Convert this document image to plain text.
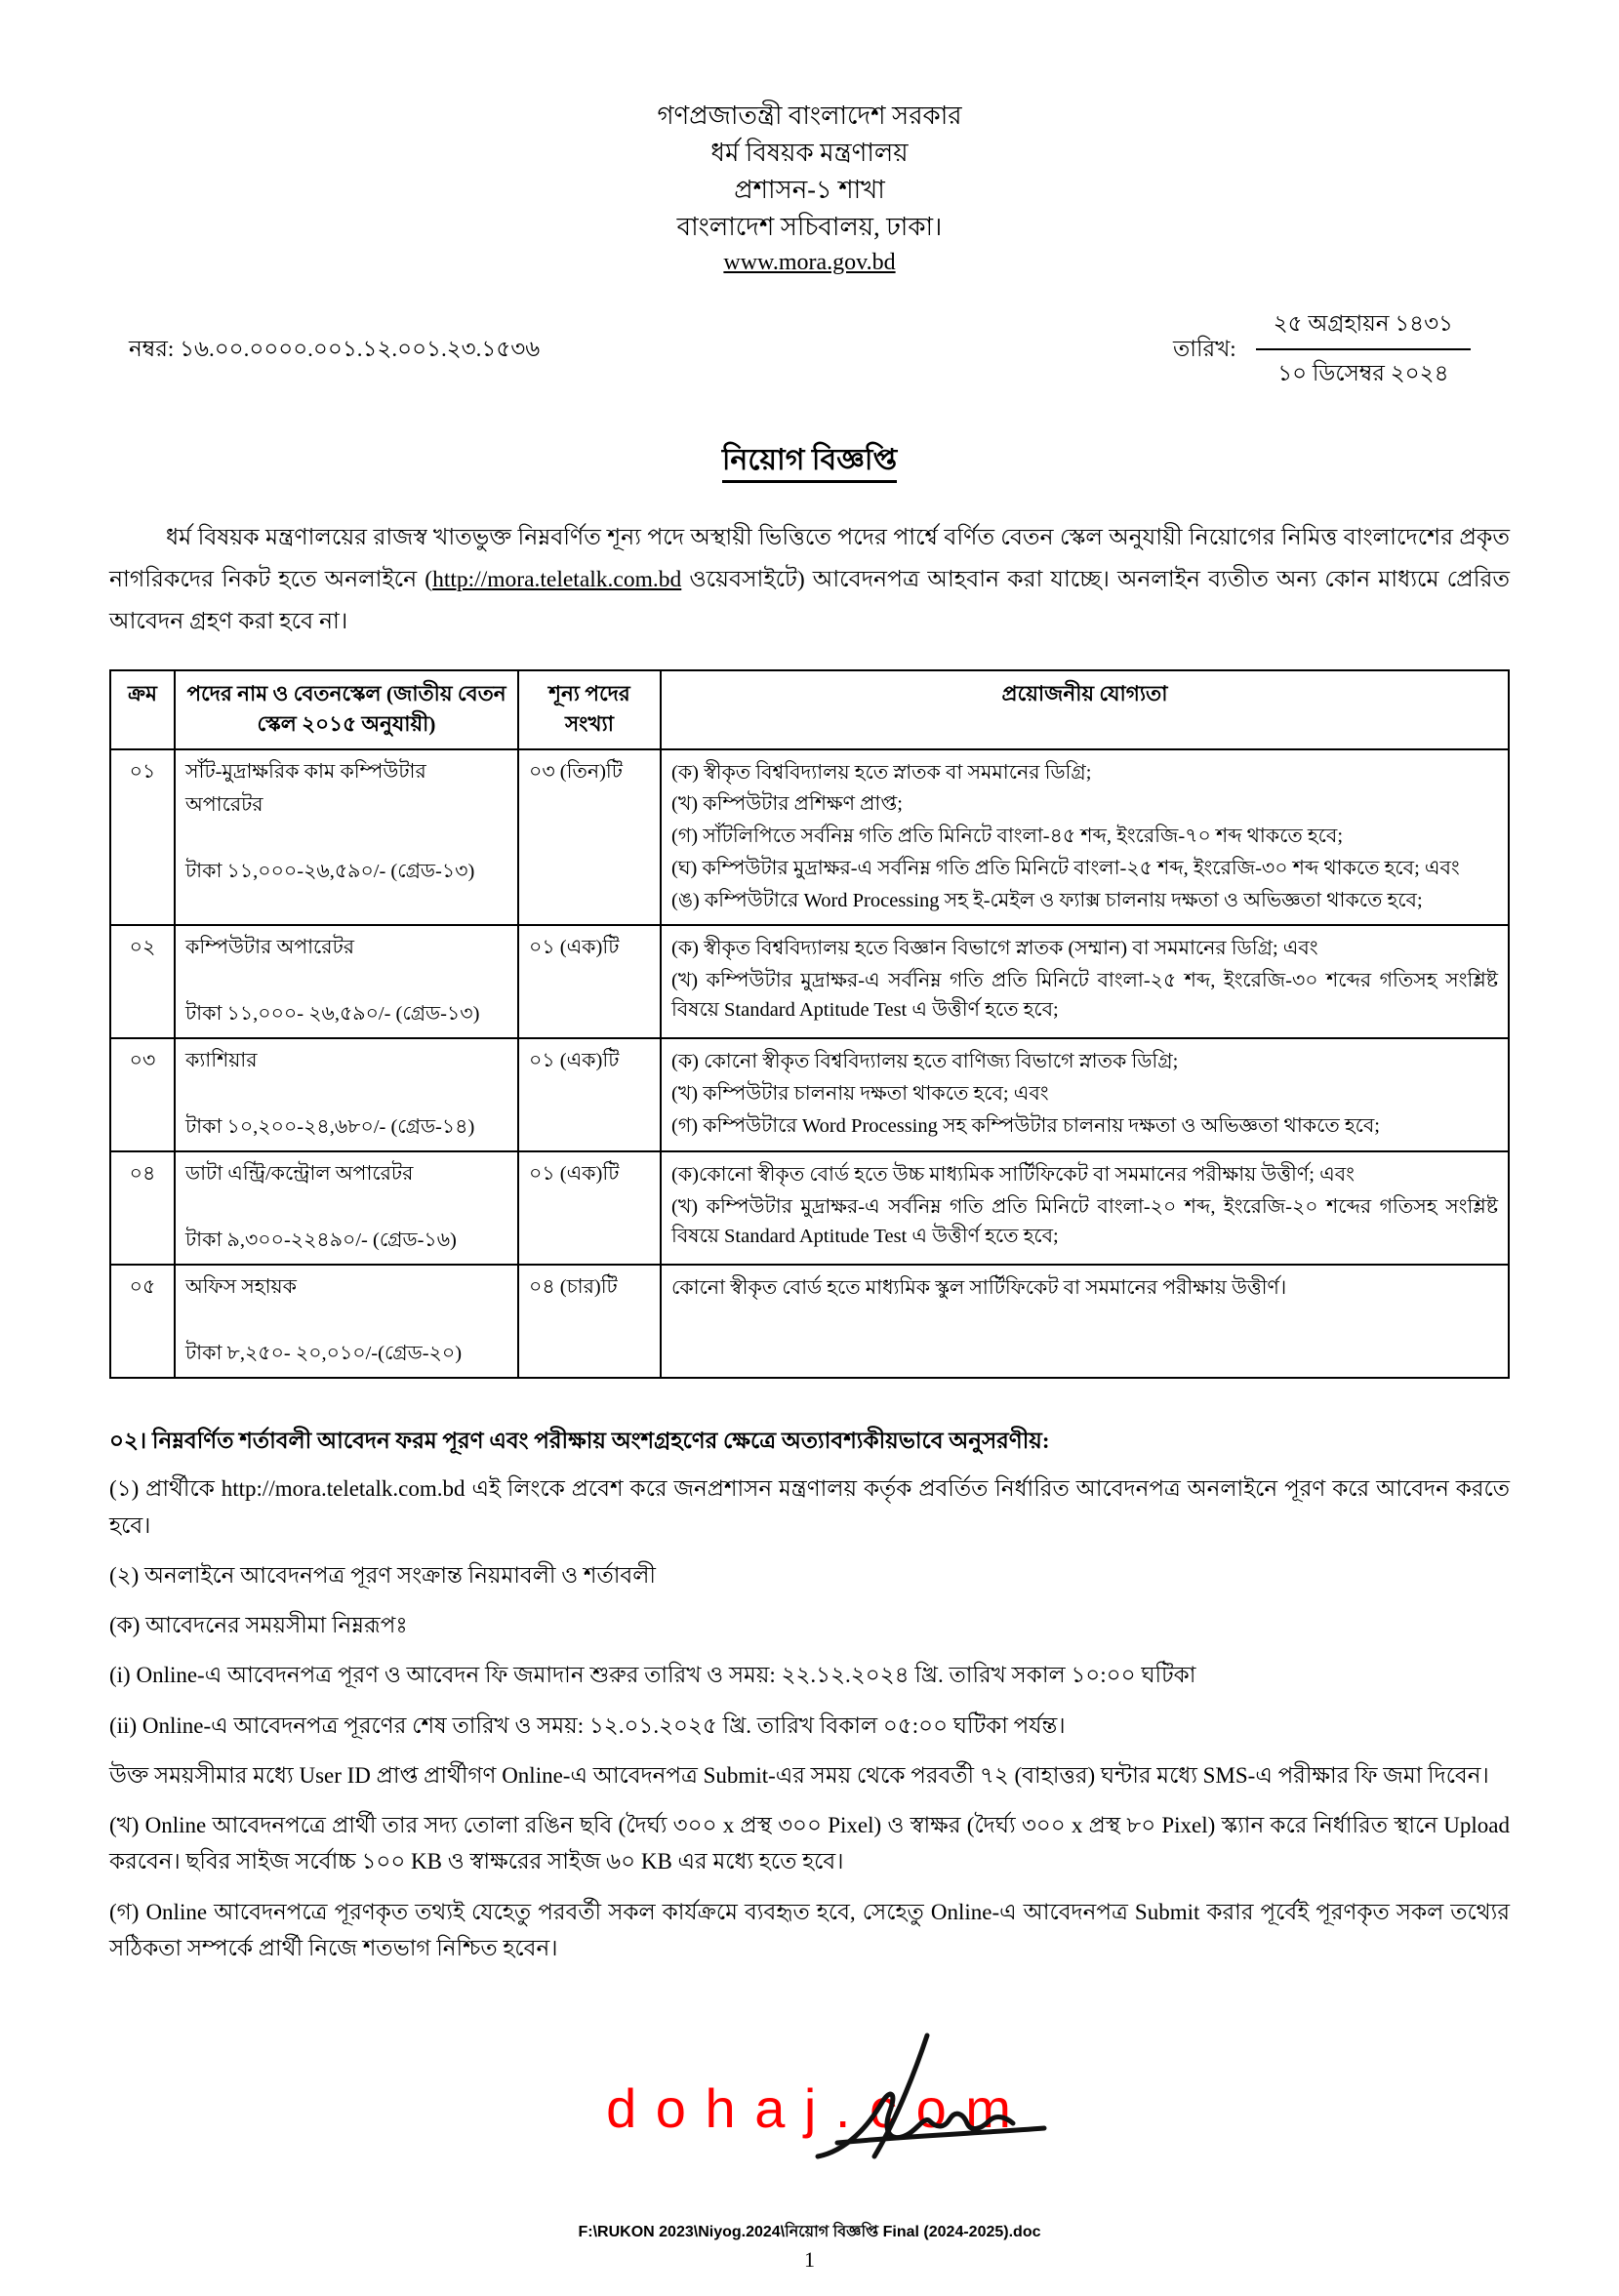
গণপ্রজাতন্ত্রী বাংলাদেশ সরকার
ধর্ম বিষয়ক মন্ত্রণালয়
প্রশাসন-১ শাখা
বাংলাদেশ সচিবালয়, ঢাকা।
www.mora.gov.bd
নম্বর: ১৬.০০.০০০০.০০১.১২.০০১.২৩.১৫৩৬	তারিখ: $\frac{\text{২৫ অগ্রহায়ন ১৪৩১}}{\text{১০ ডিসেম্বর ২০২৪}}$
নিয়োগ বিজ্ঞপ্তি

ধর্ম বিষয়ক মন্ত্রণালয়ের রাজস্ব খাতভুক্ত নিম্নবর্ণিত শূন্য পদে অস্থায়ী ভিত্তিতে পদের পার্শ্বে বর্ণিত বেতন স্কেল অনুযায়ী নিয়োগের নিমিত্ত বাংলাদেশের প্রকৃত নাগরিকদের নিকট হতে অনলাইনে (http://mora.teletalk.com.bd ওয়েবসাইটে) আবেদনপত্র আহবান করা যাচ্ছে। অনলাইন ব্যতীত অন্য কোন মাধ্যমে প্রেরিত আবেদন গ্রহণ করা হবে না।

ক্রম	পদের নাম ও বেতনস্কেল (জাতীয় বেতন স্কেল ২০১৫ অনুযায়ী)	শূন্য পদের সংখ্যা	প্রয়োজনীয় যোগ্যতা
০১	সাঁট-মুদ্রাক্ষরিক কাম কম্পিউটার অপারেটর
টাকা ১১,০০০-২৬,৫৯০/- (গ্রেড-১৩)
	০৩ (তিন)টি	(ক) স্বীকৃত বিশ্ববিদ্যালয় হতে স্নাতক বা সমমানের ডিগ্রি;
(খ) কম্পিউটার প্রশিক্ষণ প্রাপ্ত;
(গ) সাঁটলিপিতে সর্বনিম্ন গতি প্রতি মিনিটে বাংলা-৪৫ শব্দ, ইংরেজি-৭০ শব্দ থাকতে হবে;
(ঘ) কম্পিউটার মুদ্রাক্ষর-এ সর্বনিম্ন গতি প্রতি মিনিটে বাংলা-২৫ শব্দ, ইংরেজি-৩০ শব্দ থাকতে হবে; এবং
(ঙ) কম্পিউটারে Word Processing সহ ই-মেইল ও ফ্যাক্স চালনায় দক্ষতা ও অভিজ্ঞতা থাকতে হবে;

০২	কম্পিউটার অপারেটর
টাকা ১১,০০০- ২৬,৫৯০/- (গ্রেড-১৩)
	০১ (এক)টি	(ক) স্বীকৃত বিশ্ববিদ্যালয় হতে বিজ্ঞান বিভাগে স্নাতক (সম্মান) বা সমমানের ডিগ্রি; এবং
(খ) কম্পিউটার মুদ্রাক্ষর-এ সর্বনিম্ন গতি প্রতি মিনিটে বাংলা-২৫ শব্দ, ইংরেজি-৩০ শব্দের গতিসহ সংশ্লিষ্ট বিষয়ে Standard Aptitude Test এ উত্তীর্ণ হতে হবে;

০৩	ক্যাশিয়ার
টাকা ১০,২০০-২৪,৬৮০/- (গ্রেড-১৪)
	০১ (এক)টি	(ক) কোনো স্বীকৃত বিশ্ববিদ্যালয় হতে বাণিজ্য বিভাগে স্নাতক ডিগ্রি;
(খ) কম্পিউটার চালনায় দক্ষতা থাকতে হবে; এবং
(গ) কম্পিউটারে Word Processing সহ কম্পিউটার চালনায় দক্ষতা ও অভিজ্ঞতা থাকতে হবে;

০৪	ডাটা এন্ট্রি/কন্ট্রোল অপারেটর
টাকা ৯,৩০০-২২৪৯০/- (গ্রেড-১৬)
	০১ (এক)টি	(ক)কোনো স্বীকৃত বোর্ড হতে উচ্চ মাধ্যমিক সার্টিফিকেট বা সমমানের পরীক্ষায় উত্তীর্ণ; এবং
(খ) কম্পিউটার মুদ্রাক্ষর-এ সর্বনিম্ন গতি প্রতি মিনিটে বাংলা-২০ শব্দ, ইংরেজি-২০ শব্দের গতিসহ সংশ্লিষ্ট বিষয়ে Standard Aptitude Test এ উত্তীর্ণ হতে হবে;

০৫	অফিস সহায়ক
টাকা ৮,২৫০- ২০,০১০/-(গ্রেড-২০)	০৪ (চার)টি	কোনো স্বীকৃত বোর্ড হতে মাধ্যমিক স্কুল সার্টিফিকেট বা সমমানের পরীক্ষায় উত্তীর্ণ।
০২। নিম্নবর্ণিত শর্তাবলী আবেদন ফরম পূরণ এবং পরীক্ষায় অংশগ্রহণের ক্ষেত্রে অত্যাবশ্যকীয়ভাবে অনুসরণীয়:

(১) প্রার্থীকে http://mora.teletalk.com.bd এই লিংকে প্রবেশ করে জনপ্রশাসন মন্ত্রণালয় কর্তৃক প্রবর্তিত নির্ধারিত আবেদনপত্র অনলাইনে পূরণ করে আবেদন করতে হবে।

(২) অনলাইনে আবেদনপত্র পূরণ সংক্রান্ত নিয়মাবলী ও শর্তাবলী

(ক) আবেদনের সময়সীমা নিম্নরূপঃ

(i) Online-এ আবেদনপত্র পূরণ ও আবেদন ফি জমাদান শুরুর তারিখ ও সময়: ২২.১২.২০২৪ খ্রি. তারিখ সকাল ১০:০০ ঘটিকা

(ii) Online-এ আবেদনপত্র পূরণের শেষ তারিখ ও সময়: ১২.০১.২০২৫ খ্রি. তারিখ বিকাল ০৫:০০ ঘটিকা পর্যন্ত।

উক্ত সময়সীমার মধ্যে User ID প্রাপ্ত প্রার্থীগণ Online-এ আবেদনপত্র Submit-এর সময় থেকে পরবর্তী ৭২ (বাহাত্তর) ঘন্টার মধ্যে SMS-এ পরীক্ষার ফি জমা দিবেন।

(খ) Online আবেদনপত্রে প্রার্থী তার সদ্য তোলা রঙিন ছবি (দৈর্ঘ্য ৩০০ x প্রস্থ ৩০০ Pixel) ও স্বাক্ষর (দৈর্ঘ্য ৩০০ x প্রস্থ ৮০ Pixel) স্ক্যান করে নির্ধারিত স্থানে Upload করবেন। ছবির সাইজ সর্বোচ্চ ১০০ KB ও স্বাক্ষরের সাইজ ৬০ KB এর মধ্যে হতে হবে।

(গ) Online আবেদনপত্রে পূরণকৃত তথ্যই যেহেতু পরবর্তী সকল কার্যক্রমে ব্যবহৃত হবে, সেহেতু Online-এ আবেদনপত্র Submit করার পূর্বেই পূরণকৃত সকল তথ্যের সঠিকতা সম্পর্কে প্রার্থী নিজে শতভাগ নিশ্চিত হবেন।

d o h a j . c o m
F:\RUKON 2023\Niyog.2024\নিয়োগ বিজ্ঞপ্তি Final (2024-2025).doc
1
